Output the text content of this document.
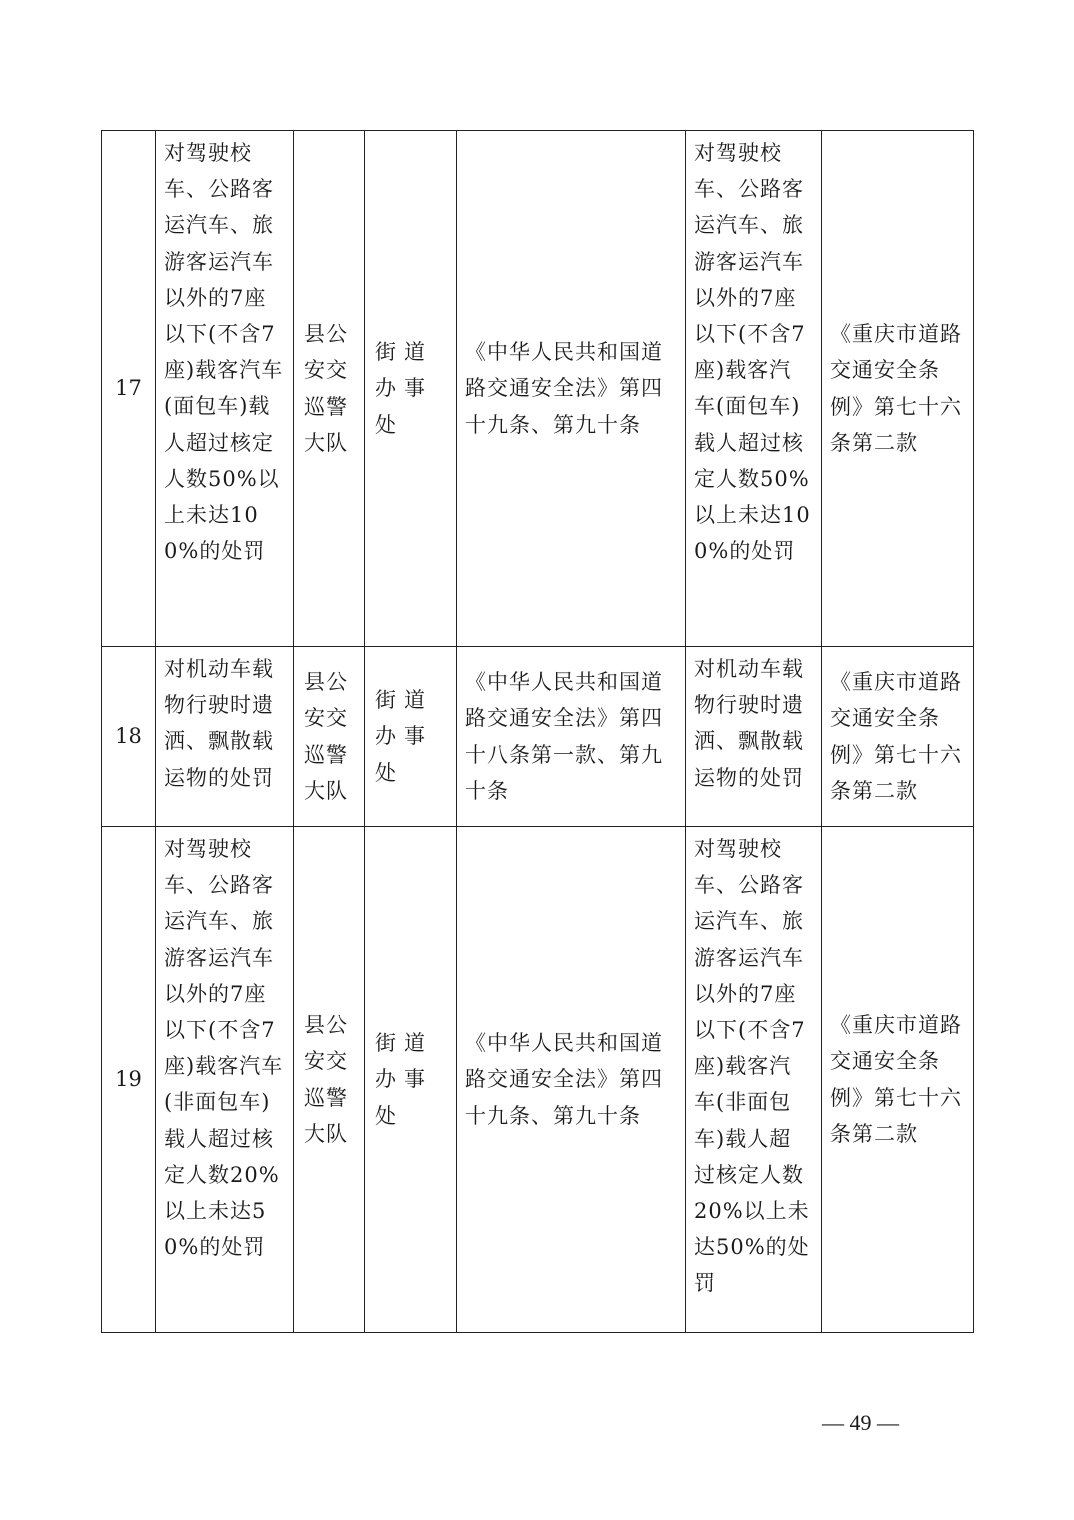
17	对驾驶校车、公路客运汽车、旅游客运汽车以外的7座以下(不含7座)载客汽车(面包车)载人超过核定人数50%以上未达100%的处罚	县公安交巡警大队	街道办事处	《中华人民共和国道路交通安全法》第四十九条、第九十条	对驾驶校车、公路客运汽车、旅游客运汽车以外的7座以下(不含7座)载客汽车(面包车)载人超过核定人数50%以上未达100%的处罚	《重庆市道路交通安全条例》第七十六条第二款
18	对机动车载物行驶时遗洒、飘散载运物的处罚	县公安交巡警大队	街道办事处	《中华人民共和国道路交通安全法》第四十八条第一款、第九十条	对机动车载物行驶时遗洒、飘散载运物的处罚	《重庆市道路交通安全条例》第七十六条第二款
19	对驾驶校车、公路客运汽车、旅游客运汽车以外的7座以下(不含7座)载客汽车(非面包车)载人超过核定人数20%以上未达50%的处罚	县公安交巡警大队	街道办事处	《中华人民共和国道路交通安全法》第四十九条、第九十条	对驾驶校车、公路客运汽车、旅游客运汽车以外的7座以下(不含7座)载客汽车(非面包车)载人超过核定人数20%以上未达50%的处罚	《重庆市道路交通安全条例》第七十六条第二款
— 49 —
